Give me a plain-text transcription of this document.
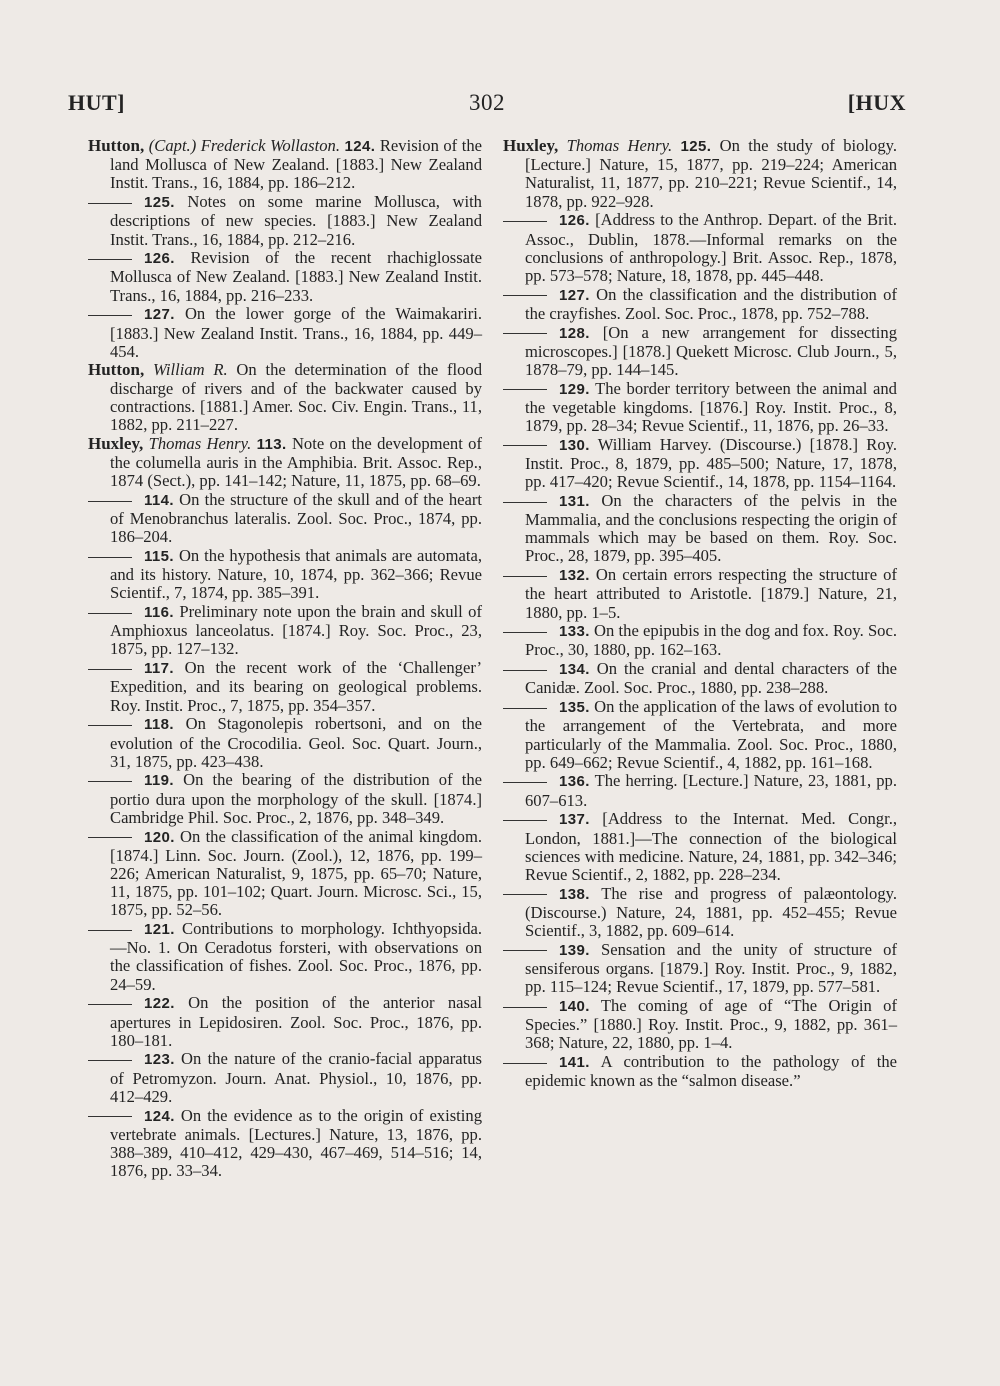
HUT]	302	[HUX

Hutton, (Capt.) Frederick Wollaston. 124. Revision of the land Mollusca of New Zealand. [1883.] New Zealand Instit. Trans., 16, 1884, pp. 186–212.

125. Notes on some marine Mollusca, with descriptions of new species. [1883.] New Zealand Instit. Trans., 16, 1884, pp. 212–216.

126. Revision of the recent rhachiglossate Mollusca of New Zealand. [1883.] New Zealand Instit. Trans., 16, 1884, pp. 216–233.

127. On the lower gorge of the Waimakariri. [1883.] New Zealand Instit. Trans., 16, 1884, pp. 449–454.

Hutton, William R. On the determination of the flood discharge of rivers and of the backwater caused by contractions. [1881.] Amer. Soc. Civ. Engin. Trans., 11, 1882, pp. 211–227.

Huxley, Thomas Henry. 113. Note on the development of the columella auris in the Amphibia. Brit. Assoc. Rep., 1874 (Sect.), pp. 141–142; Nature, 11, 1875, pp. 68–69.

114. On the structure of the skull and of the heart of Menobranchus lateralis. Zool. Soc. Proc., 1874, pp. 186–204.

115. On the hypothesis that animals are automata, and its history. Nature, 10, 1874, pp. 362–366; Revue Scientif., 7, 1874, pp. 385–391.

116. Preliminary note upon the brain and skull of Amphioxus lanceolatus. [1874.] Roy. Soc. Proc., 23, 1875, pp. 127–132.

117. On the recent work of the ‘Challenger’ Expedition, and its bearing on geological problems. Roy. Instit. Proc., 7, 1875, pp. 354–357.

118. On Stagonolepis robertsoni, and on the evolution of the Crocodilia. Geol. Soc. Quart. Journ., 31, 1875, pp. 423–438.

119. On the bearing of the distribution of the portio dura upon the morphology of the skull. [1874.] Cambridge Phil. Soc. Proc., 2, 1876, pp. 348–349.

120. On the classification of the animal kingdom. [1874.] Linn. Soc. Journ. (Zool.), 12, 1876, pp. 199–226; American Naturalist, 9, 1875, pp. 65–70; Nature, 11, 1875, pp. 101–102; Quart. Journ. Microsc. Sci., 15, 1875, pp. 52–56.

121. Contributions to morphology. Ichthyopsida.—No. 1. On Ceradotus forsteri, with observations on the classification of fishes. Zool. Soc. Proc., 1876, pp. 24–59.

122. On the position of the anterior nasal apertures in Lepidosiren. Zool. Soc. Proc., 1876, pp. 180–181.

123. On the nature of the cranio-facial apparatus of Petromyzon. Journ. Anat. Physiol., 10, 1876, pp. 412–429.

124. On the evidence as to the origin of existing vertebrate animals. [Lectures.] Nature, 13, 1876, pp. 388–389, 410–412, 429–430, 467–469, 514–516; 14, 1876, pp. 33–34.

Huxley, Thomas Henry. 125. On the study of biology. [Lecture.] Nature, 15, 1877, pp. 219–224; American Naturalist, 11, 1877, pp. 210–221; Revue Scientif., 14, 1878, pp. 922–928.

126. [Address to the Anthrop. Depart. of the Brit. Assoc., Dublin, 1878.—Informal remarks on the conclusions of anthropology.] Brit. Assoc. Rep., 1878, pp. 573–578; Nature, 18, 1878, pp. 445–448.

127. On the classification and the distribution of the crayfishes. Zool. Soc. Proc., 1878, pp. 752–788.

128. [On a new arrangement for dissecting microscopes.] [1878.] Quekett Microsc. Club Journ., 5, 1878–79, pp. 144–145.

129. The border territory between the animal and the vegetable kingdoms. [1876.] Roy. Instit. Proc., 8, 1879, pp. 28–34; Revue Scientif., 11, 1876, pp. 26–33.

130. William Harvey. (Discourse.) [1878.] Roy. Instit. Proc., 8, 1879, pp. 485–500; Nature, 17, 1878, pp. 417–420; Revue Scientif., 14, 1878, pp. 1154–1164.

131. On the characters of the pelvis in the Mammalia, and the conclusions respecting the origin of mammals which may be based on them. Roy. Soc. Proc., 28, 1879, pp. 395–405.

132. On certain errors respecting the structure of the heart attributed to Aristotle. [1879.] Nature, 21, 1880, pp. 1–5.

133. On the epipubis in the dog and fox. Roy. Soc. Proc., 30, 1880, pp. 162–163.

134. On the cranial and dental characters of the Canidæ. Zool. Soc. Proc., 1880, pp. 238–288.

135. On the application of the laws of evolution to the arrangement of the Vertebrata, and more particularly of the Mammalia. Zool. Soc. Proc., 1880, pp. 649–662; Revue Scientif., 4, 1882, pp. 161–168.

136. The herring. [Lecture.] Nature, 23, 1881, pp. 607–613.

137. [Address to the Internat. Med. Congr., London, 1881.]—The connection of the biological sciences with medicine. Nature, 24, 1881, pp. 342–346; Revue Scientif., 2, 1882, pp. 228–234.

138. The rise and progress of palæontology. (Discourse.) Nature, 24, 1881, pp. 452–455; Revue Scientif., 3, 1882, pp. 609–614.

139. Sensation and the unity of structure of sensiferous organs. [1879.] Roy. Instit. Proc., 9, 1882, pp. 115–124; Revue Scientif., 17, 1879, pp. 577–581.

140. The coming of age of “The Origin of Species.” [1880.] Roy. Instit. Proc., 9, 1882, pp. 361–368; Nature, 22, 1880, pp. 1–4.

141. A contribution to the pathology of the epidemic known as the “salmon disease.”
